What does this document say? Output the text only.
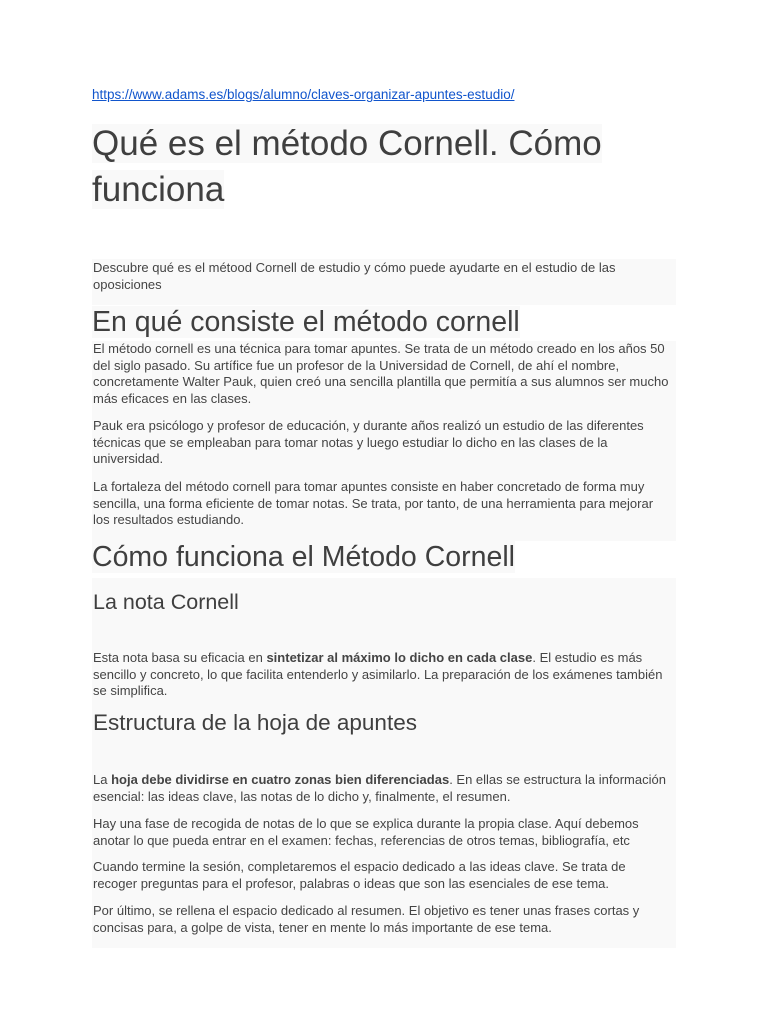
https://www.adams.es/blogs/alumno/claves-organizar-apuntes-estudio/
Qué es el método Cornell. Cómo funciona

Descubre qué es el métood Cornell de estudio y cómo puede ayudarte en el estudio de las oposiciones

En qué consiste el método cornell

El método cornell es una técnica para tomar apuntes. Se trata de un método creado en los años 50 del siglo pasado. Su artífice fue un profesor de la Universidad de Cornell, de ahí el nombre, concretamente Walter Pauk, quien creó una sencilla plantilla que permitía a sus alumnos ser mucho más eficaces en las clases.

Pauk era psicólogo y profesor de educación, y durante años realizó un estudio de las diferentes técnicas que se empleaban para tomar notas y luego estudiar lo dicho en las clases de la universidad.

La fortaleza del método cornell para tomar apuntes consiste en haber concretado de forma muy sencilla, una forma eficiente de tomar notas. Se trata, por tanto, de una herramienta para mejorar los resultados estudiando.

Cómo funciona el Método Cornell
La nota Cornell

Esta nota basa su eficacia en sintetizar al máximo lo dicho en cada clase. El estudio es más sencillo y concreto, lo que facilita entenderlo y asimilarlo. La preparación de los exámenes también se simplifica.

Estructura de la hoja de apuntes

La hoja debe dividirse en cuatro zonas bien diferenciadas. En ellas se estructura la información esencial: las ideas clave, las notas de lo dicho y, finalmente, el resumen.

Hay una fase de recogida de notas de lo que se explica durante la propia clase. Aquí debemos anotar lo que pueda entrar en el examen: fechas, referencias de otros temas, bibliografía, etc

Cuando termine la sesión, completaremos el espacio dedicado a las ideas clave. Se trata de recoger preguntas para el profesor, palabras o ideas que son las esenciales de ese tema.

Por último, se rellena el espacio dedicado al resumen. El objetivo es tener unas frases cortas y concisas para, a golpe de vista, tener en mente lo más importante de ese tema.
